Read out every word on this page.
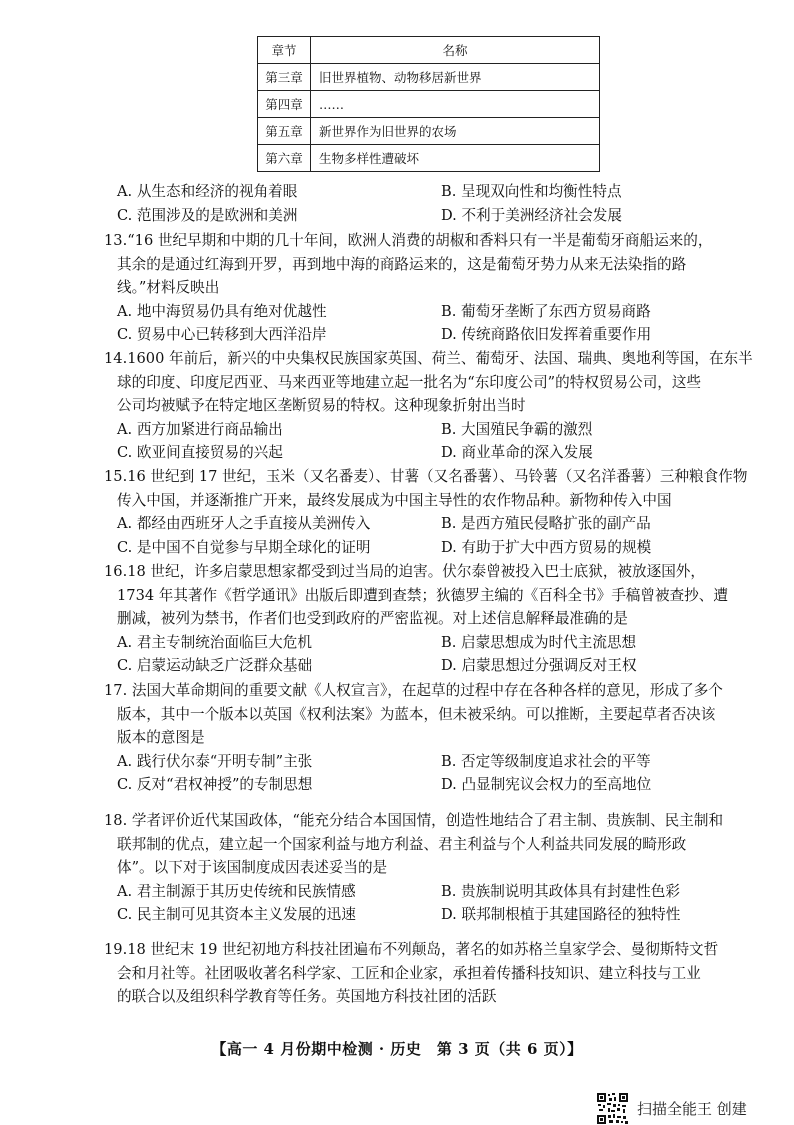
章节	名称
第三章	旧世界植物、动物移居新世界
第四章	……
第五章	新世界作为旧世界的农场
第六章	生物多样性遭破坏
A. 从生态和经济的视角着眼	B. 呈现双向性和均衡性特点
C. 范围涉及的是欧洲和美洲	D. 不利于美洲经济社会发展
13.“16 世纪早期和中期的几十年间，欧洲人消费的胡椒和香料只有一半是葡萄牙商船运来的，
其余的是通过红海到开罗，再到地中海的商路运来的，这是葡萄牙势力从来无法染指的路
线。”材料反映出
A. 地中海贸易仍具有绝对优越性	B. 葡萄牙垄断了东西方贸易商路
C. 贸易中心已转移到大西洋沿岸	D. 传统商路依旧发挥着重要作用
14.1600 年前后，新兴的中央集权民族国家英国、荷兰、葡萄牙、法国、瑞典、奥地利等国，在东半
球的印度、印度尼西亚、马来西亚等地建立起一批名为“东印度公司”的特权贸易公司，这些
公司均被赋予在特定地区垄断贸易的特权。这种现象折射出当时
A. 西方加紧进行商品输出	B. 大国殖民争霸的激烈
C. 欧亚间直接贸易的兴起	D. 商业革命的深入发展
15.16 世纪到 17 世纪，玉米（又名番麦）、甘薯（又名番薯）、马铃薯（又名洋番薯）三种粮食作物
传入中国，并逐渐推广开来，最终发展成为中国主导性的农作物品种。新物种传入中国
A. 都经由西班牙人之手直接从美洲传入	B. 是西方殖民侵略扩张的副产品
C. 是中国不自觉参与早期全球化的证明	D. 有助于扩大中西方贸易的规模
16.18 世纪，许多启蒙思想家都受到过当局的迫害。伏尔泰曾被投入巴士底狱，被放逐国外，
1734 年其著作《哲学通讯》出版后即遭到查禁；狄德罗主编的《百科全书》手稿曾被查抄、遭
删减，被列为禁书，作者们也受到政府的严密监视。对上述信息解释最准确的是
A. 君主专制统治面临巨大危机	B. 启蒙思想成为时代主流思想
C. 启蒙运动缺乏广泛群众基础	D. 启蒙思想过分强调反对王权
17. 法国大革命期间的重要文献《人权宣言》，在起草的过程中存在各种各样的意见，形成了多个
版本，其中一个版本以英国《权利法案》为蓝本，但未被采纳。可以推断，主要起草者否决该
版本的意图是
A. 践行伏尔泰“开明专制”主张	B. 否定等级制度追求社会的平等
C. 反对“君权神授”的专制思想	D. 凸显制宪议会权力的至高地位
18. 学者评价近代某国政体，“能充分结合本国国情，创造性地结合了君主制、贵族制、民主制和
联邦制的优点，建立起一个国家利益与地方利益、君主利益与个人利益共同发展的畸形政
体”。以下对于该国制度成因表述妥当的是
A. 君主制源于其历史传统和民族情感	B. 贵族制说明其政体具有封建性色彩
C. 民主制可见其资本主义发展的迅速	D. 联邦制根植于其建国路径的独特性
19.18 世纪末 19 世纪初地方科技社团遍布不列颠岛，著名的如苏格兰皇家学会、曼彻斯特文哲
会和月社等。社团吸收著名科学家、工匠和企业家，承担着传播科技知识、建立科技与工业
的联合以及组织科学教育等任务。英国地方科技社团的活跃
【高一 4 月份期中检测 · 历史　第 3 页（共 6 页）】
扫描全能王 创建
